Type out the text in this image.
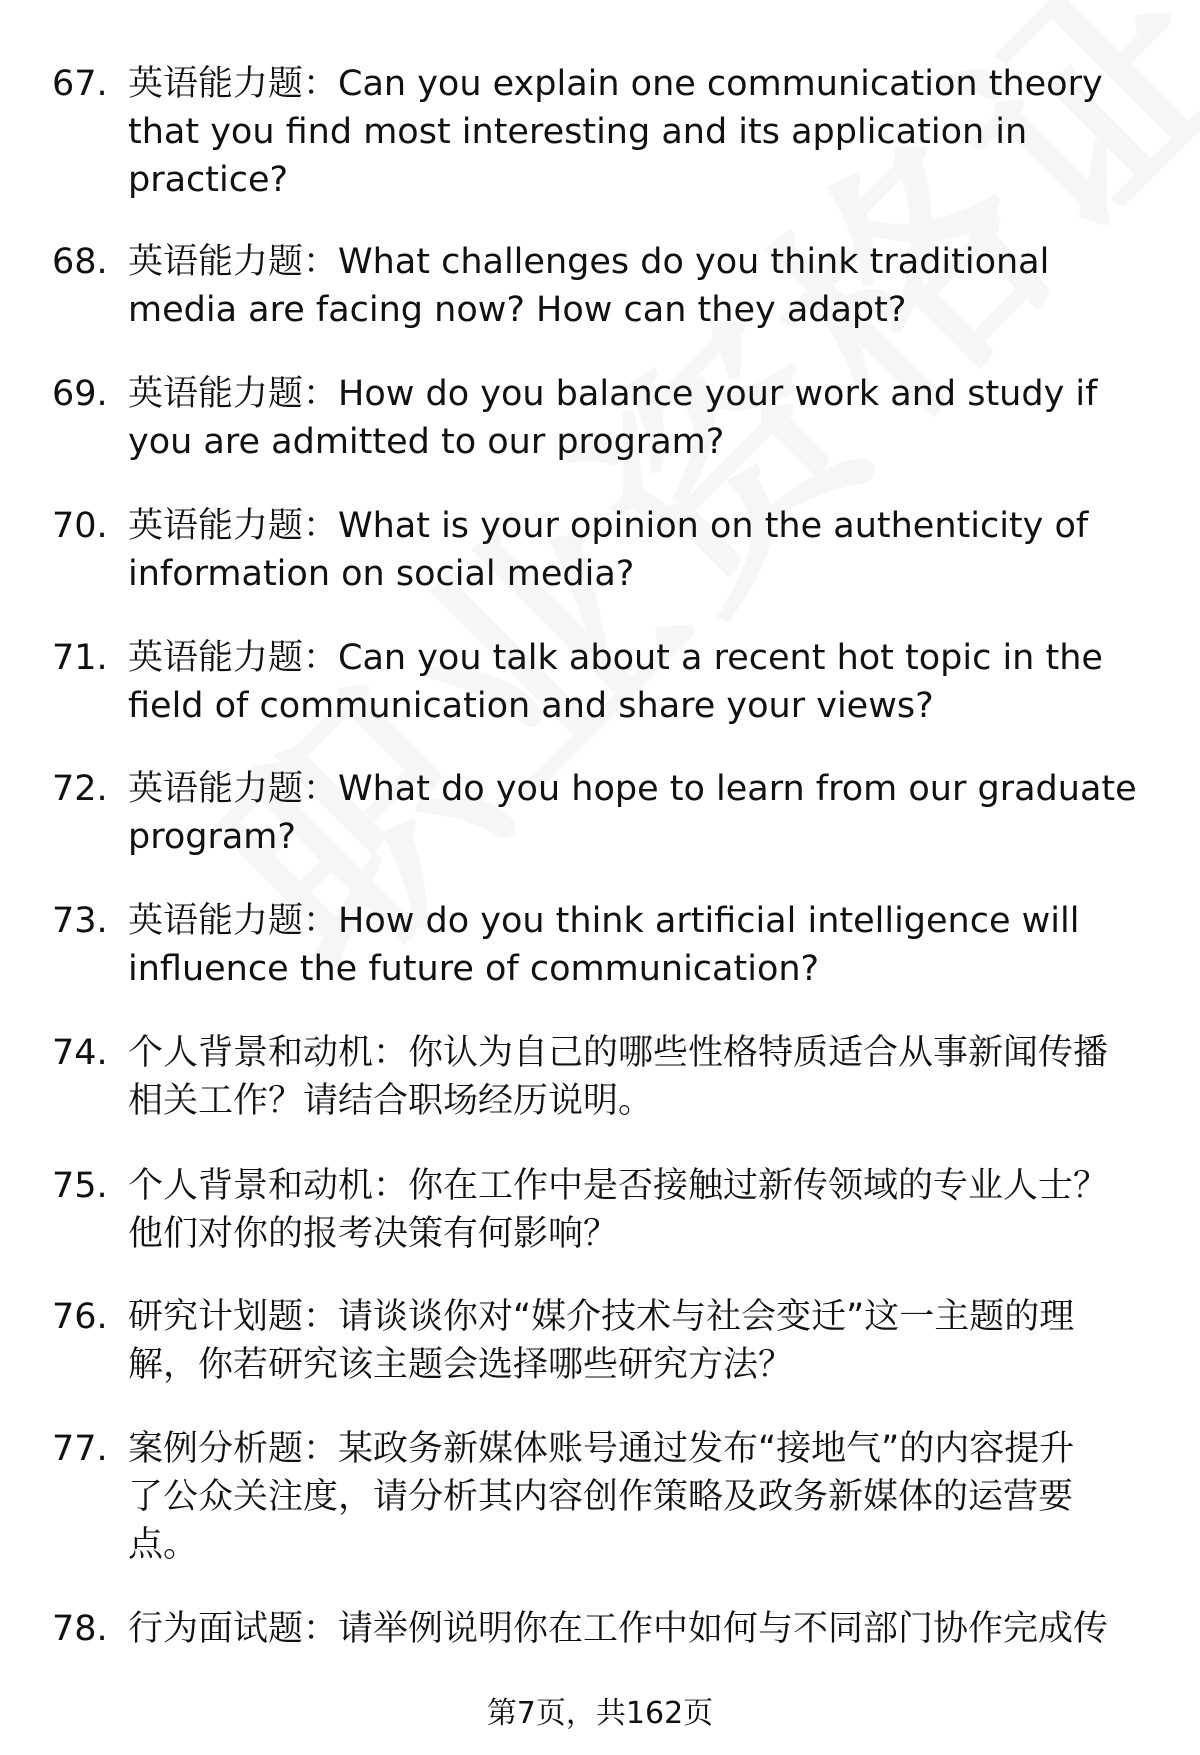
67. 英语能力题：Can you explain one communication theory
that you find most interesting and its application in
practice?
68. 英语能力题：What challenges do you think traditional
media are facing now? How can they adapt?
69. 英语能力题：How do you balance your work and study if
you are admitted to our program?
70. 英语能力题：What is your opinion on the authenticity of
information on social media?
71. 英语能力题：Can you talk about a recent hot topic in the
field of communication and share your views?
72. 英语能力题：What do you hope to learn from our graduate
program?
73. 英语能力题：How do you think artificial intelligence will
influence the future of communication?
74. 个人背景和动机：你认为自己的哪些性格特质适合从事新闻传播
相关工作？请结合职场经历说明。
75. 个人背景和动机：你在工作中是否接触过新传领域的专业人士？
他们对你的报考决策有何影响？
76. 研究计划题：请谈谈你对“媒介技术与社会变迁”这一主题的理
解，你若研究该主题会选择哪些研究方法？
77. 案例分析题：某政务新媒体账号通过发布“接地气”的内容提升
了公众关注度，请分析其内容创作策略及政务新媒体的运营要
点。
78. 行为面试题：请举例说明你在工作中如何与不同部门协作完成传
第7页，共162页
